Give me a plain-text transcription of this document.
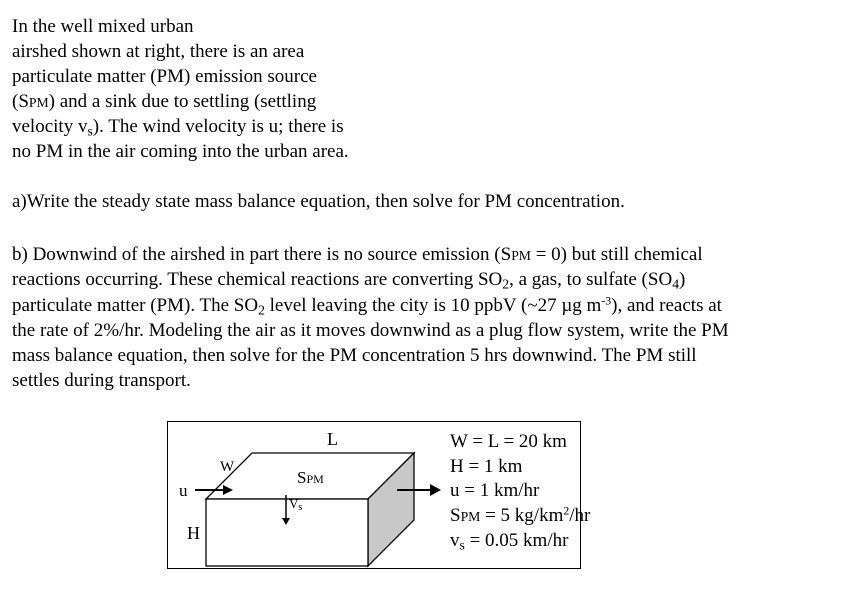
In the well mixed urban
airshed shown at right, there is an area
particulate matter (PM) emission source
(SPM) and a sink due to settling (settling
velocity $v_s$). The wind velocity is u; there is
no PM in the air coming into the urban area.
a)Write the steady state mass balance equation, then solve for PM concentration.
b) Downwind of the airshed in part there is no source emission (SPM = 0) but still chemical
reactions occurring. These chemical reactions are converting $SO_2$, a gas, to sulfate $(SO_4)$
particulate matter (PM). The $SO_2$ level leaving the city is 10 ppbV (~27 µg $m^{-3}$), and reacts at
the rate of 2%/hr. Modeling the air as it moves downwind as a plug flow system, write the PM
mass balance equation, then solve for the PM concentration 5 hrs downwind. The PM still
settles during transport.
L
W
SPM
Vs
u
H
W = L = 20 km
H = 1 km
u = 1 km/hr
SPM = 5 $kg/km^2/hr$
$v_s = 0.05$ km/hr
